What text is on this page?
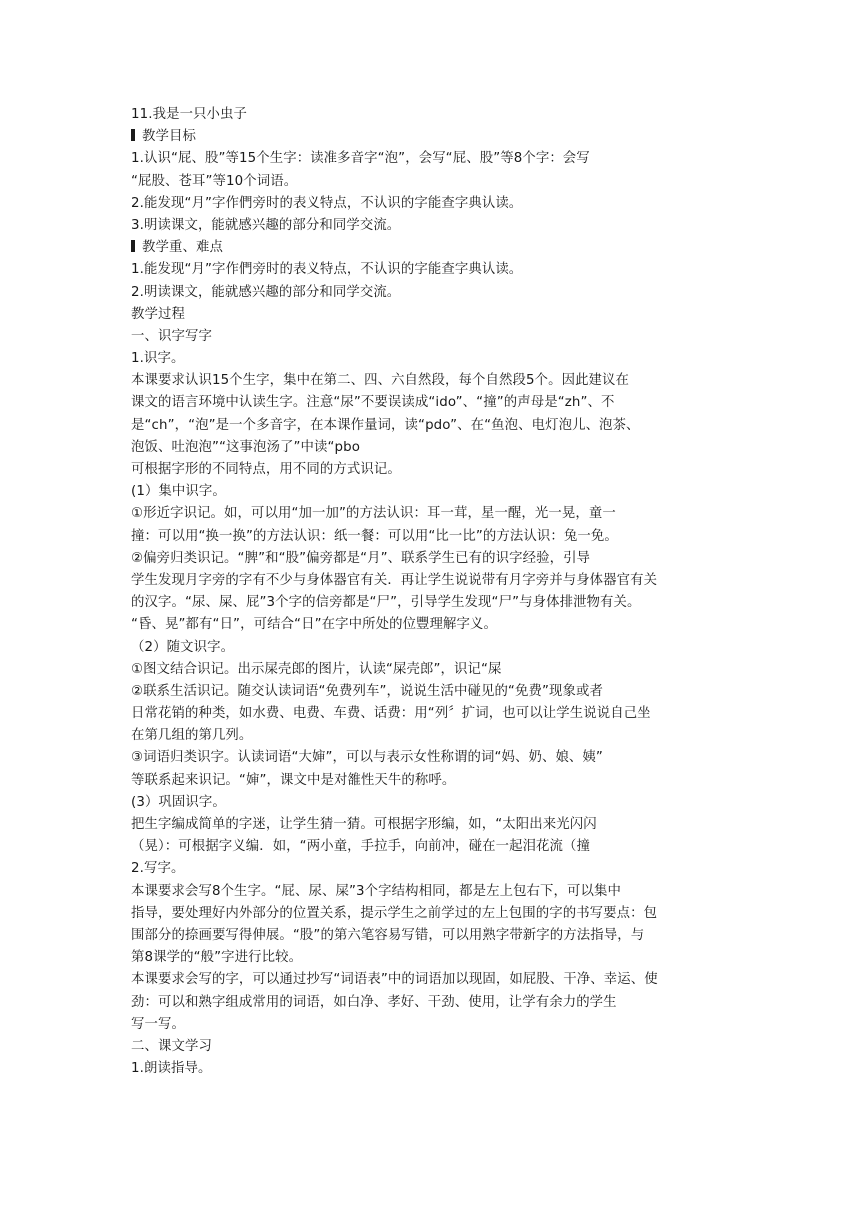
11.我是一只小虫子
教学目标
1.认识“屁、股”等15个生字：读准多音字“泡”，会写“屁、股”等8个字：会写
“屁股、苍耳”等10个词语。
2.能发现“月”字作們旁时的表义特点，不认识的字能查字典认读。
3.明读课文，能就感兴趣的部分和同学交流。
教学重、难点
1.能发现“月”字作們旁时的表义特点，不认识的字能查字典认读。
2.明读课文，能就感兴趣的部分和同学交流。
教学过程
一、识字写字
1.识字。
本课要求认识15个生字，集中在第二、四、六自然段，每个自然段5个。因此建议在
课文的语言环境中认读生字。注意“尿”不要误读成“ido”、“撞”的声母是“zh”、不
是“ch”，“泡”是一个多音字，在本课作量词，读“pdo”、在“鱼泡、电灯泡儿、泡茶、
泡饭、吐泡泡”“这事泡汤了”中读“pbo
可根据字形的不同特点，用不同的方式识记。
(1）集中识字。
①形近字识记。如，可以用“加一加”的方法认识：耳一茸，星一醒，光一晃，童一
撞：可以用“换一换”的方法认识：纸一餐：可以用“比一比”的方法认识：兔一免。
②偏旁归类识记。“脾”和“股”偏旁都是“月”、联系学生已有的识字经验，引导
学生发现月字旁的字有不少与身体器官有关．再让学生说说带有月字旁并与身体器官有关
的汉字。“尿、屎、屁”3个字的信旁都是“尸”，引导学生发现“尸”与身体排泄物有关。
“昏、晃”都有“日”，可结合“日”在字中所处的位豐理解字义。
（2）随文识字。
①图文结合识记。出示屎壳郎的图片，认读“屎壳郎”，识记“屎
②联系生活识记。随交认读词语“免费列车”，说说生活中碰见的“免费”现象或者
日常花销的种类，如水费、电费、车费、话费：用“列〞扩词，也可以让学生说说自己坐
在第几组的第几列。
③词语归类识字。认读词语“大婶”，可以与表示女性称谓的词“妈、奶、娘、姨”
等联系起来识记。“婶”，课文中是对雒性天牛的称呼。
(3）巩固识字。
把生字编成简单的字迷，让学生猜一猜。可根据字形编，如，“太阳出来光闪闪
（晃）：可根据字义编．如，“两小童，手拉手，向前冲，碰在一起泪花流（撞
2.写字。
本课要求会写8个生字。“屁、尿、屎”3个字结构相同，都是左上包右下，可以集中
指导，要处理好内外部分的位置关系，提示学生之前学过的左上包围的字的书写要点：包
围部分的捺画要写得伸展。“股”的第六笔容易写错，可以用熟字带新字的方法指导，与
第8课学的“般”字进行比较。
本课要求会写的字，可以通过抄写“词语表”中的词语加以现固，如屁股、干净、幸运、使
劲：可以和熟字组成常用的词语，如白净、孝好、干劲、使用，让学有余力的学生
写一写。
二、课文学习
1.朗读指导。
